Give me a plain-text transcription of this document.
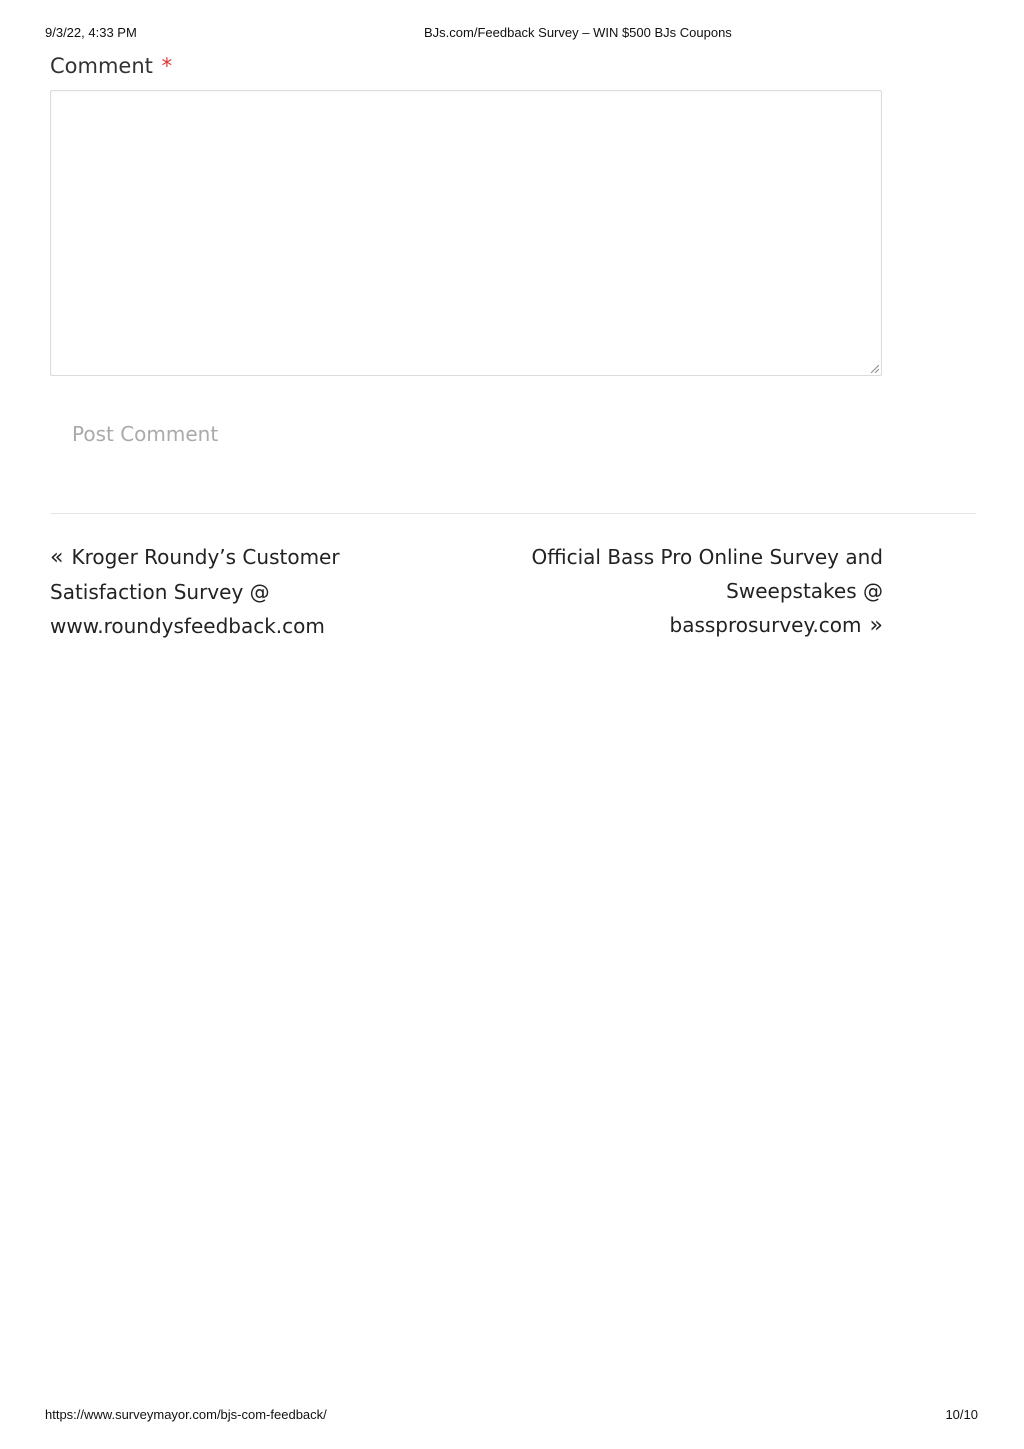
9/3/22, 4:33 PM	BJs.com/Feedback Survey – WIN $500 BJs Coupons
Comment *
Post Comment
« Kroger Roundy’s Customer Satisfaction Survey @ www.roundysfeedback.com
Official Bass Pro Online Survey and Sweepstakes @ bassprosurvey.com »
https://www.surveymayor.com/bjs-com-feedback/	10/10
